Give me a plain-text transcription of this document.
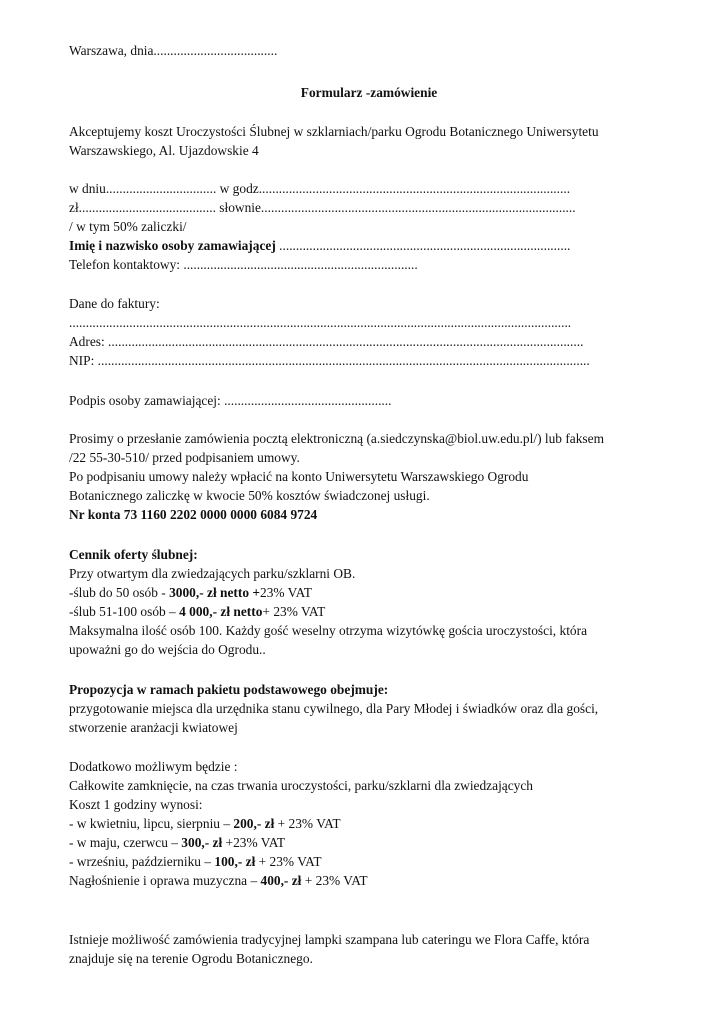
Warszawa, dnia.....................................
Formularz -zamówienie
Akceptujemy koszt Uroczystości Ślubnej w szklarniach/parku Ogrodu Botanicznego Uniwersytetu
Warszawskiego, Al. Ujazdowskie 4
w dniu................................. w godz.............................................................................................
zł......................................... słownie..............................................................................................
/ w tym 50% zaliczki/
Imię i nazwisko osoby zamawiającej .......................................................................................
Telefon kontaktowy: ......................................................................
Dane do faktury:
......................................................................................................................................................
Adres: ..............................................................................................................................................
NIP: ...................................................................................................................................................
Podpis osoby zamawiającej: ..................................................
Prosimy o przesłanie zamówienia pocztą elektroniczną (a.siedczynska@biol.uw.edu.pl/) lub faksem
/22 55-30-510/ przed podpisaniem umowy.
Po podpisaniu umowy należy wpłacić na konto Uniwersytetu Warszawskiego Ogrodu
Botanicznego zaliczkę w kwocie 50% kosztów świadczonej usługi.
Nr konta 73 1160 2202 0000 0000 6084 9724
Cennik oferty ślubnej:
Przy otwartym dla zwiedzających parku/szklarni OB.
-ślub do 50 osób - 3000,- zł netto +23% VAT
-ślub 51-100 osób – 4 000,- zł netto+ 23% VAT
Maksymalna ilość osób 100. Każdy gość weselny otrzyma wizytówkę gościa uroczystości, która
upoważni go do wejścia do Ogrodu..
Propozycja w ramach pakietu podstawowego obejmuje:
przygotowanie miejsca dla urzędnika stanu cywilnego, dla Pary Młodej i świadków oraz dla gości,
stworzenie aranżacji kwiatowej
Dodatkowo możliwym będzie :
Całkowite zamknięcie, na czas trwania uroczystości, parku/szklarni dla zwiedzających
Koszt 1 godziny wynosi:
- w kwietniu, lipcu, sierpniu – 200,- zł + 23% VAT
- w maju, czerwcu – 300,- zł +23% VAT
- wrześniu, październiku – 100,- zł + 23% VAT
Nagłośnienie i oprawa muzyczna – 400,- zł + 23% VAT
Istnieje możliwość zamówienia tradycyjnej lampki szampana lub cateringu we Flora Caffe, która
znajduje się na terenie Ogrodu Botanicznego.
